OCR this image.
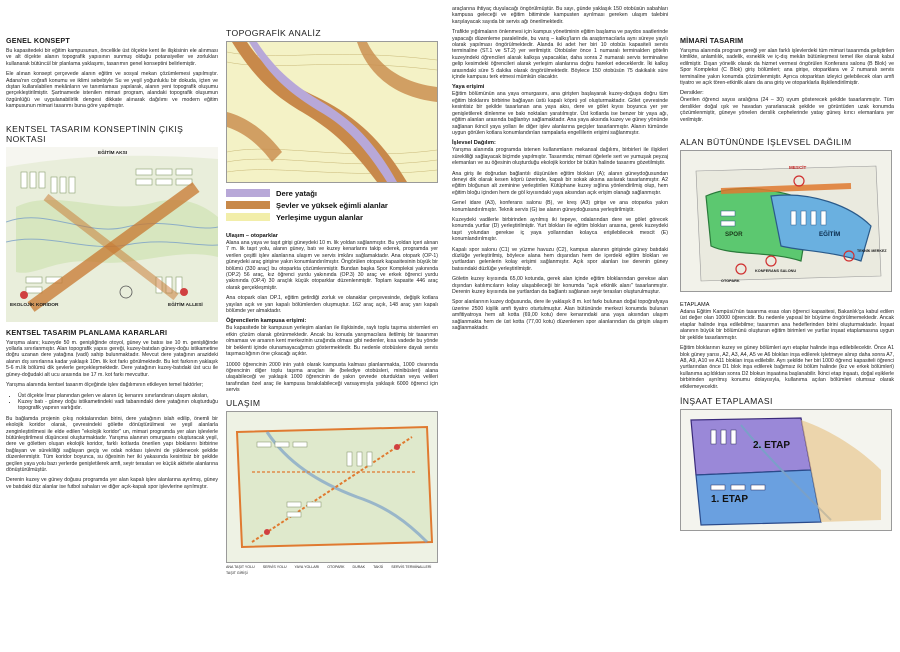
GENEL KONSEPT

Bu kapasitedeki bir eğitim kampusunun, öncelikle üst ölçekte kent ile ilişkisinin ele alınması ve alt ölçekte alanın topografik yapısının sunmuş olduğu potansiyeller ve zorlukları kullanarak bütüncül bir planlama yaklaşımı, tasarımın genel konseptini belirlemiştir.

Ele alınan konsept çerçevede alanın eğitim ve sosyal mekan çözümlemesi yapılmıştır. Adana'nın coğrafi konumu ve iklimi sebebiyle Su ve yeşil yoğunluklu bir dokuda, içten ve dıştan kullanılabilen mekânların ve tanımlaması yapılarak, alanın yeni topografik oluşumu gerçekleştirilmiştir. Şartnamede istenilen mimari program, alandaki topografik oluşumun özgünlüğü ve uygulanabilirlik dengesi dikkate alınarak dağılımı ve modern eğitim kampusunun mimari tasarımı buna göre yapılmıştır.

KENTSEL TASARIM KONSEPTİNİN ÇIKIŞ NOKTASI
EKOLOJİK KORİDOR
EĞİTİM AKSI
EĞİTİM ALLESİ
KENTSEL TASARIM PLANLAMA KARARLARI

Yarışma alanı; kuzeyde 50 m. genişliğinde otoyol, güney ve batısı ise 10 m. genişliğinde yollarla sınırlanmıştır. Alan topografik yapısı gereği, kuzey-batıdan güney-doğu istikametine doğru uzanan dere yatağına (vadi) sahip bulunmaktadır. Mevcut dere yatağının arazideki alanın dış sınırlarına kadar yaklaşık 10m. lik kot farkı görülmektedir. Bu kot farkının yaklaşık 5-6 m.lik bölümü dik şevlerle gerçekleşmektedir. Dere yatağının kuzey-batıdaki üst ucu ile güney-doğudaki alt ucu arasında ise 17 m. kot farkı mevcuttur.

Yarışma alanında kentsel tasarım ölçeğinde işlev dağılımının etkileyen temel faktörler;

• Üst ölçekte İmar planından gelen ve alanın üç kenarını sınırlandıran ulaşım aksları,
• Kuzey batı - güney doğu istikametindeki vadi tabanındaki dere yatağının oluşturduğu topografik yapının varlığıdır.

Bu bağlamda projenin çıkış noktalarından birini, dere yatağının islah edilip, önemli bir ekolojik koridor olarak, çevresindeki gölette dönüştürülmesi ve yeşil alanlarla zenginleştirilmesi ile elde edilen "ekolojik koridor" un, mimari programda yer alan işlevlerle bütünleştirilmesi düşüncesi oluşturmaktadır. Yarışma alanının omurgasını oluşturacak yeşil, dere ve göletten oluşan ekolojik koridor, farklı kotlarda önerilen yapı bloklarını birbirine bağlayan ve sürekliliği sağlayan geçiş ve odak noktası işlevini de yüklenecek şekilde düzenlenmiştir. Tüm koridor boyunca, su öğesinin her iki yakasında kesintisiz bir şekilde geçilen yaya yolu bazı yerlerde genişletilerek amfi, seyir terasları ve küçük aktivite alanlarına dönüştürülmüştür.

Derenin kuzey ve güney doğusu programda yer alan kapalı işlev alanlarına ayrılmış, güney ve batıdaki düz alanlar ise futbol sahaları ve diğer açık-kapalı spor işlevlerine ayrılmıştır.

TOPOGRAFİK ANALİZ
Dere yatağı
Şevler ve yüksek eğimli alanlar
Yerleşime uygun alanlar
Ulaşım – otoparklar

Alana ana yaya ve taşıt girişi güneydeki 10 m. lik yoldan sağlanmıştır. Bu yoldan içeri alınan 7 m. lik taşıt yolu, alanın güney, batı ve kuzey kenarlarını takip ederek, programda yer verilen çeşitli işlev alanlarına ulaşım ve servis imkânı sağlamaktadır. Ana otopark (OP-1) güneydeki araç girişine yakın konumlandırılmıştır. Öngörülen otopark kapasitesinin büyük bir bölümü (330 araç) bu otoparkta çözümlenmiştir. Bundan başka Spor Kompleksi yakınında (OP.2) 56 araç, kız öğrenci yurdu yakınında (OP.3) 30 araç ve erkek öğrenci yurdu yakınında (OP.4) 30 araçlık küçük otoparklar düzenlenmiştir. Toplam kapasite 446 araç olarak gerçekleşmiştir.

Ana otopark olan OP.1, eğitim getirdiği zorluk ve olanaklar çerçevesinde, değişik kotlara yayılan açık ve yarı kapalı bölümlerden oluşmuştur. 162 araç açık, 148 araç yarı kapalı bölümde yer almaktadır.

Öğrencilerin kampusa erişimi:

Bu kapasitede bir kampusun yerleşim alanları ile ilişkisinde, raylı toplu taşıma sistemleri en etkin çözüm olarak görünmektedir. Ancak bu konuda yarışmacılara iletilmiş bir tasarımın olmaması ve arsanın kent merkezinin uzağında olması gibi nedenler, kısa vadede bu yönde bir beklenti içinde olunamayacağımızı göstermektedir. Bu nedenle otobüslere dayalı servis taşımacılığının öne çıkacağı açıktır.

10000 öğrencinin 2000 inin yatılı olarak kampusta kalması planlanmakta, 1000 civarında öğrencinin diğer toplu taşıma araçları ile (belediye otobüsleri, minibüsleri) alana ulaşabileceği ve yaklaşık 1000 öğrencinin de yakın çevrede oturduktan veya velileri tarafından özel araç ile kampusa bırakılabileceği varsayımıyla yaklaşık 6000 öğrenci için servis

ULAŞIM
ANA TAŞIT YOLU SERVİS YOLU YAYA YOLLARI OTOPARK DURAK TAKSİ SERVİS TERMİNALLERİ
TAŞIT GİRİŞİ

araçlarına ihtiyaç duyulacağı öngörülmüştür. Bu sayı, günde yaklaşık 150 otobüsün sabahları kampusa geleceği ve eğitim bitiminde kampusten ayrılması gereken ulaşım talebini karşılayacak sayıda bir servis ağı önerilmektedir.

Trafikte yığılmaların önlenmesi için kampus yönetiminin eğitim başlama ve paydos saatlerinde yapacağı düzenleme paralelinde, bu varış – kalkış'ların da araştırmacılarla aynı süreye yayılı olarak yapılması öngörülmektedir. Alanda iki adet her biri 10 otobüs kapasiteli servis terminaline (ST.1 ve ST.2) yer verilmiştir. Otobüsler önce 1 numaralı terminalden götelin kuzeyindeki öğrencileri alarak kalkışa yapacaklar, daha sonra 2 numaralı servis terminaline gelip kesimdeki öğrencileri alarak yerleşim alanlarına doğru hareket edeceklerdir. İki kalkış arasındaki süre 5 dakika olarak öngörülmektedir. Böylece 150 otobüsün 75 dakikalık süre içinde kampusu terk etmesi mümkün olacaktır.

Yaya erişimi

Eğitim bölümünün ana yaya omurgasını, ana girişten başlayarak kuzey-doğuya doğru tüm eğitim bloklarını birbirine bağlayan üstü kapalı köprü yol oluşturmaktadır. Gölet çevresinde kesintisiz bir şekilde tasarlanan ana yaya aksı, dere ve gölet kıyısı boyunca yer yer genişletilerek dinlenme ve bakı noktaları yaratılmıştır. Üst kotlarda ise benzer bir yaya ağı, eğitim alanları arasında bağlantıyı sağlamaktadır. Ana yaya aksında kuzey ve güney yönünde sağlanan ikincil yaya yolları ile diğer işlev alanlarına geçişler tasarlanmıştır. Alanın tümünde uygun görülen kotlara konumlandırılan rampalarla engellilerin erişimi sağlanmıştır.

İşlevsel Dağılım:

Yarışma alanında programda istenen kullanımların mekansal dağılımı, birbirleri ile ilişkileri sürekliliği sağlayacak biçimde yapılmıştır. Tasarımda; mimari öğelerle sert ve yumuşak peyzaj elemanları ve su öğesinin oluşturduğu ekolojik koridor bir bütün halinde tasarımı gözetilmiştir.

Ana giriş ile doğrudan bağlantılı düşünülen eğitim blokları (A); alanın güneydoğusundan deneyi dik olarak kesen köprü üzerinde, kapalı bir sokak aksına asılarak tasarlanmıştır. A2 eğitim bloğunun alt zeminine yerleştirilen Kütüphane kuzey sığlına yönlendirilmiş olup, hem eğitim bloğu içinden hem de göl kıyısındaki yaya aksından açık erişim olanağı sağlanmıştır.

Genel idare (A3), konferans salonu (B), ve kreş (A3) girişe ve ana otoparka yakın konumlandırılmıştır. Teknik servis (G) ise alanın güneydoğusuna yerleştirilmiştir.

Kuzeydeki vadilerle birbirinden ayrılmış iki tepeye, odalarından dere ve gölet görecek konumda yurtlar (D) yerleştirilmiştir. Yurt blokları ile eğitim blokları arasına, gerek kuzeydeki taşıt yolundan gerekse iç yaya yollarından kolayca erişilebilecek mescit (E) konumlandırılmıştır.

Kapalı spor salonu (C1) ve yüzme havuzu (C2), kampus alanının girişinde güney batıdaki düzlüğe yerleştirilmiş, böylece alana hem dışarıdan hem de içerdeki eğitim blokları ve yurtlardan gelenlerin kolay erişimi sağlanmıştır. Açık spor alanları ise derenin güney batısındaki düzlüğe yerleştirilmiştir.

Göletin kuzey kıyısında 65,00 kotunda, gerek alan içinde eğitim bloklarından gerekse alan dışından katılımcıların kolay ulaşabileceği bir konumda "açık etkinlik alanı" tasarlanmıştır. Derenin kuzey kıyısında ise yurtlardan da bağlantı sağlanan seyir terasları oluşturulmuştur.

Spor alanlarının kuzey doğusunda, dere ile yaklaşık 8 m. kot farkı bulunan doğal topoğrafyaya üzerine 2500 kişilik amfi tiyatro oturtulmuştur. Alan bütününde merkezi konumda bulunan amfitiyatroya hem alt kotta (69,00 kotu) dere kenarındaki ana yaya aksından ulaşım sağlanmakta hem de üst kotta (77,00 kotu) düzenlenen spor alanlarından da girişin ulaşım sağlanmaktadır.

MİMARİ TASARIM

Yarışma alanında program gereği yer alan farklı işlevlerdeki tüm mimari tasarımda geliştirilen kimlikte, anlamlılık, sadelik, esneklik ve iç-dış mekân bütünleşmesi temel ilke olarak kabul edilmiştir. Dışarı yönelik olarak da hizmet vermesi öngörülen Konferans salonu (B Blok) ve Spor Kompleksi (C Blok) giriş bölümleri; ana girişe, otoparklara ve 2 numaralı servis terminaline yakın konumda çözümlenmiştir. Ayrıca otoparktan izleyici gelebilecek olan amfi tiyatro ve açık tören-etkinlik alanı da ana giriş ve otoparklarla ilişkilendirilmiştir.

Dersikler:

Önerilen öğrenci sayısı aralığına (24 – 30) uyum gösterecek şekilde tasarlanmıştır. Tüm derslikler doğal ışık ve havadan yararlanacak şekilde ve görüntüden uzak konumda çözümlenmiştir, güneye yönelen derslik cephelerinde yatay güneş kırıcı elemanlara yer verilmiştir.

ALAN BÜTÜNÜNDE İŞLEVSEL DAĞILIM
MESCİT
SPOR	EĞİTİM
KONFERANS SALONU
OTOPARK
TEKNİK MERKEZ
ETAPLAMA

Adana Eğitim Kampüsü'nün tasarıma esas olan öğrenci kapasitesi, Bakanlık'ça kabul edilen üst değer olan 10000 öğrencidir. Bu nedenle yapısal bir büyüme öngörülmemektedir. Ancak etaplar halinde inşa edilebilme; tasarımın ana hedeflerinden birini oluşturmaktadır. İnşaat alanının büyük bir bölümünü oluşturan eğitim birimleri ve yurtlar inşaat etaplamasına uygun bir şekilde tasarlanmıştır.

Eğitim bloklarının kuzey ve güney bölümleri ayrı etaplar halinde inşa edilebilecektir. Önce A1 blok güney yarısı, A2, A3, A4, A5 ve A6 blokları inşa edilerek işletmeye alınıp daha sonra A7, A8, A9, A10 ve A11 blokları inşa edilebilir. Ayrı şekilde her biri 1000 öğrenci kapasiteli öğrenci yurtlarından önce D1 blok inşa edilerek bağımsız iki bölüm halinde (kız ve erkek bölümleri) kullanıma açıldıktan sonra D2 blokun inşaatına başlanabilir. İkinci etap inşaatı, doğal eşiklerle birbirinden ayrılmış konumu dolayısıyla, kullanıma açılan bölümleri olumsuz olarak etkilemeyecektir.

İNŞAAT ETAPLAMASI
2. ETAP
1. ETAP
